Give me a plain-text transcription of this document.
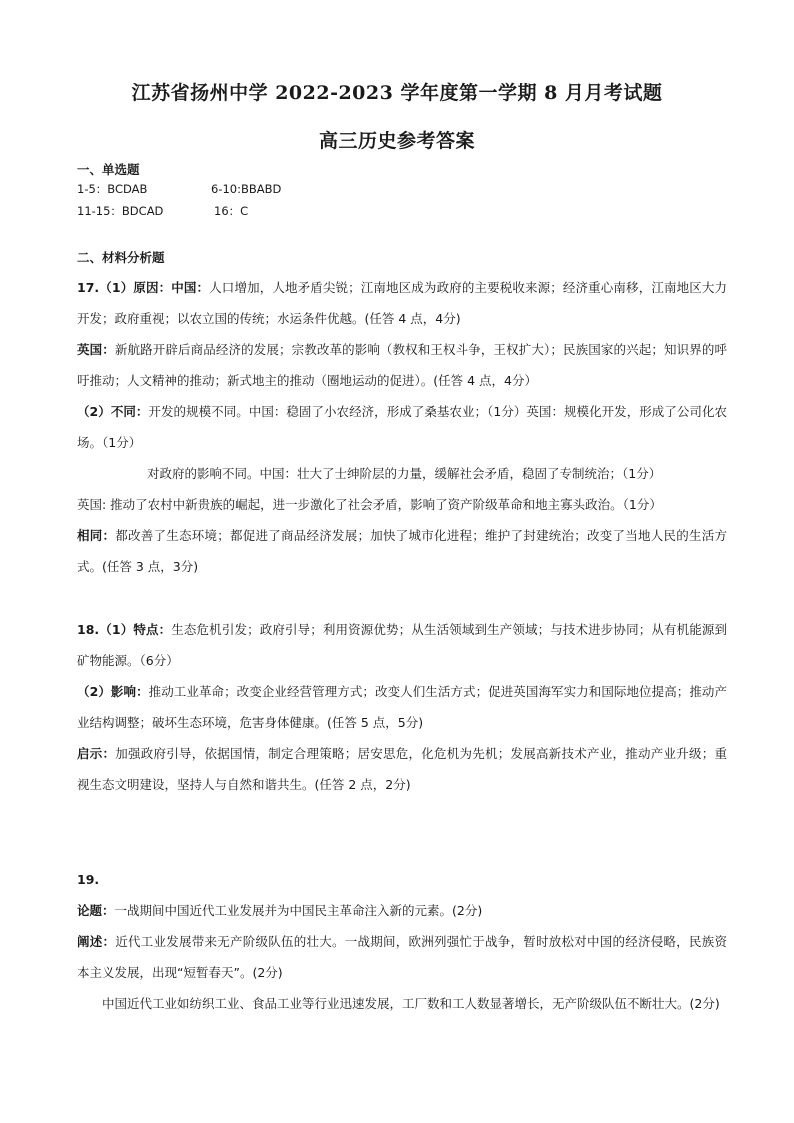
江苏省扬州中学 2022-2023 学年度第一学期 8 月月考试题
高三历史参考答案
一、单选题
1-5：BCDAB	6-10:BBABD
11-15：BDCAD	16：C
二、材料分析题

17.（1）原因：中国：人口增加，人地矛盾尖锐；江南地区成为政府的主要税收来源；经济重心南移，江南地区大力开发；政府重视；以农立国的传统；水运条件优越。(任答 4 点，4分)

英国：新航路开辟后商品经济的发展；宗教改革的影响（教权和王权斗争，王权扩大）；民族国家的兴起；知识界的呼吁推动；人文精神的推动；新式地主的推动（圈地运动的促进）。(任答 4 点，4分）

（2）不同：开发的规模不同。中国：稳固了小农经济，形成了桑基农业；（1分）英国：规模化开发，形成了公司化农场。（1分）

对政府的影响不同。中国：壮大了士绅阶层的力量，缓解社会矛盾，稳固了专制统治；（1分）

英国: 推动了农村中新贵族的崛起，进一步激化了社会矛盾，影响了资产阶级革命和地主寡头政治。（1分）

相同：都改善了生态环境；都促进了商品经济发展；加快了城市化进程；维护了封建统治；改变了当地人民的生活方式。(任答 3 点，3分)

18.（1）特点：生态危机引发；政府引导；利用资源优势；从生活领域到生产领域；与技术进步协同；从有机能源到矿物能源。（6分）

（2）影响：推动工业革命；改变企业经营管理方式；改变人们生活方式；促进英国海军实力和国际地位提高；推动产业结构调整；破坏生态环境，危害身体健康。(任答 5 点，5分)

启示：加强政府引导，依据国情，制定合理策略；居安思危，化危机为先机；发展高新技术产业，推动产业升级；重视生态文明建设，坚持人与自然和谐共生。(任答 2 点，2分)

19.

论题：一战期间中国近代工业发展并为中国民主革命注入新的元素。(2分)

阐述：近代工业发展带来无产阶级队伍的壮大。一战期间，欧洲列强忙于战争，暂时放松对中国的经济侵略，民族资本主义发展，出现“短暂春天”。(2分)

中国近代工业如纺织工业、食品工业等行业迅速发展，工厂数和工人数显著增长，无产阶级队伍不断壮大。(2分)
